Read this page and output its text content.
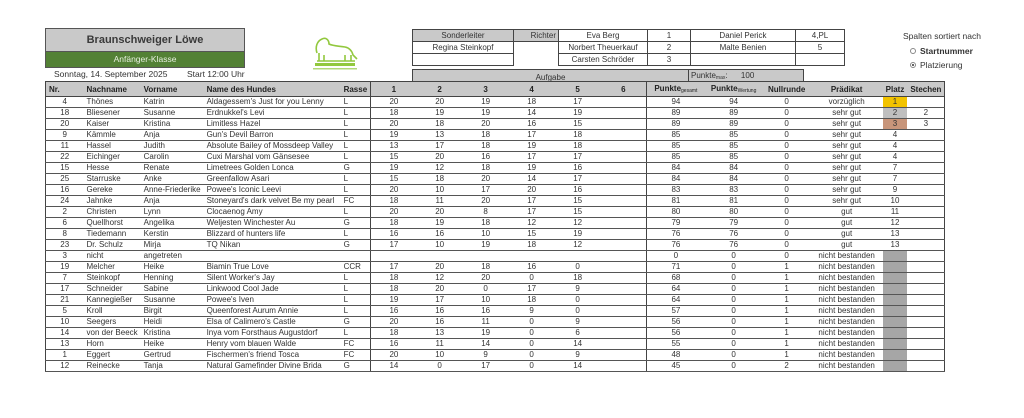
Braunschweiger Löwe
Anfänger-Klasse
Sonntag, 14. September 2025 Start 12:00 Uhr
Sonderleiter	Richter	Eva Berg	1	Daniel Perick	4,PL
Regina Steinkopf		Norbert Theuerkauf	2	Malte Benien	5
		Carsten Schröder	3		
Spalten sortiert nach
Startnummer
Platzierung
Aufgabe	Punkte$_{max}$:      100
Nr.	Nachname	Vorname	Name des Hundes	Rasse	1	2	3	4	5	6	Punkte$_{gesamt}$	Punkte$_{Wertung}$	Nullrunde	Prädikat	Platz	Stechen
4	Thönes	Katrin	Aldagessem's Just for you Lenny	L	20	20	19	18	17		94	94	0	vorzüglich	1	
18	Bliesener	Susanne	Erdnukkel's Levi	L	18	19	19	14	19		89	89	0	sehr gut	2	2
20	Kaiser	Kristina	Limitless Hazel	L	20	18	20	16	15		89	89	0	sehr gut	3	3
9	Kämmle	Anja	Gun's Devil Barron	L	19	13	18	17	18		85	85	0	sehr gut	4	
11	Hassel	Judith	Absolute Bailey of Mossdeep Valley	L	13	17	18	19	18		85	85	0	sehr gut	4	
22	Eichinger	Carolin	Cuxi Marshal vom Gänsesee	L	15	20	16	17	17		85	85	0	sehr gut	4	
15	Hesse	Renate	Limetrees Golden Lonca	G	19	12	18	19	16		84	84	0	sehr gut	7	
25	Starruske	Anke	Greenfallow Asari	L	15	18	20	14	17		84	84	0	sehr gut	7	
16	Gereke	Anne-Friederike	Powee's Iconic Leevi	L	20	10	17	20	16		83	83	0	sehr gut	9	
24	Jahnke	Anja	Stoneyard's dark velvet Be my pearl	FC	18	11	20	17	15		81	81	0	sehr gut	10	
2	Christen	Lynn	Clocaenog Amy	L	20	20	8	17	15		80	80	0	gut	11	
6	Quellhorst	Angelika	Weljesten Winchester Au	G	18	19	18	12	12		79	79	0	gut	12	
8	Tiedemann	Kerstin	Blizzard of hunters life	L	16	16	10	15	19		76	76	0	gut	13	
23	Dr. Schulz	Mirja	TQ Nikan	G	17	10	19	18	12		76	76	0	gut	13	
3	nicht	angetreten									0	0	0	nicht bestanden		
19	Melcher	Heike	Biamin True Love	CCR	17	20	18	16	0		71	0	1	nicht bestanden		
7	Steinkopf	Henning	Silent Worker's Jay	L	18	12	20	0	18		68	0	1	nicht bestanden		
17	Schneider	Sabine	Linkwood Cool Jade	L	18	20	0	17	9		64	0	1	nicht bestanden		
21	Kannegießer	Susanne	Powee's Iven	L	19	17	10	18	0		64	0	1	nicht bestanden		
5	Kroll	Birgit	Queenforest Aurum Annie	L	16	16	16	9	0		57	0	1	nicht bestanden		
10	Seegers	Heidi	Elsa of Calimero's Castle	G	20	16	11	0	9		56	0	1	nicht bestanden		
14	von der Beeck	Kristina	Inya vom Forsthaus Augustdorf	L	18	13	19	0	6		56	0	1	nicht bestanden		
13	Horn	Heike	Henry vom blauen Walde	FC	16	11	14	0	14		55	0	1	nicht bestanden		
1	Eggert	Gertrud	Fischermen's friend Tosca	FC	20	10	9	0	9		48	0	1	nicht bestanden		
12	Reinecke	Tanja	Natural Gamefinder Divine Brida	G	14	0	17	0	14		45	0	2	nicht bestanden		
